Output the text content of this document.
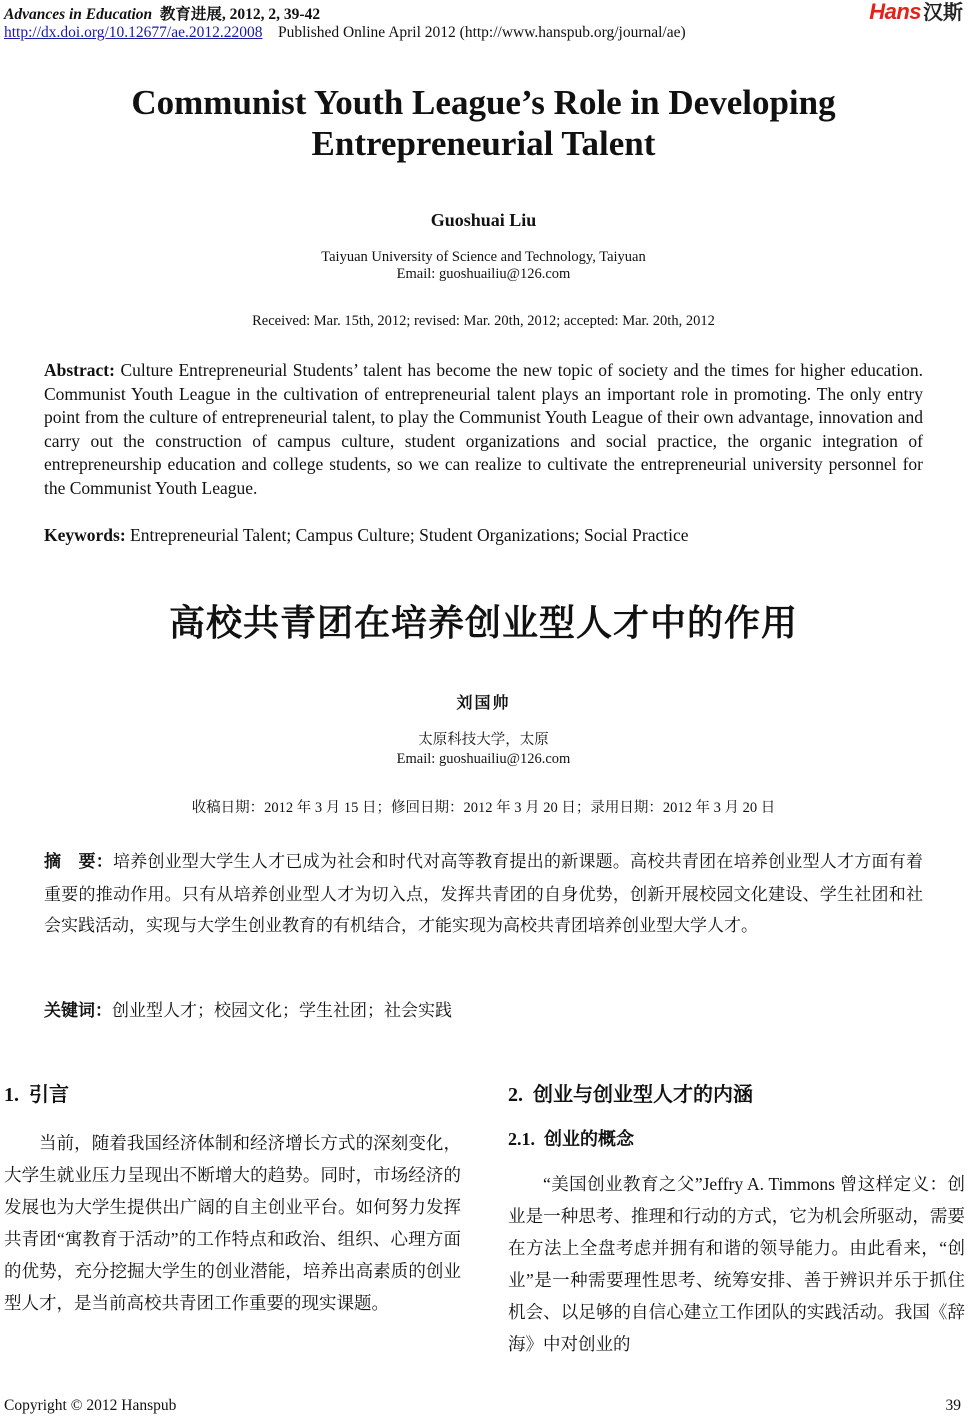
Advances in Education 教育进展, 2012, 2, 39-42
http://dx.doi.org/10.12677/ae.2012.22008 Published Online April 2012 (http://www.hanspub.org/journal/ae)
Hans 汉斯
Communist Youth League’s Role in Developing
Entrepreneurial Talent
Guoshuai Liu
Taiyuan University of Science and Technology, Taiyuan
Email: guoshuailiu@126.com
Received: Mar. 15th, 2012; revised: Mar. 20th, 2012; accepted: Mar. 20th, 2012
Abstract: Culture Entrepreneurial Students’ talent has become the new topic of society and the times for higher education. Communist Youth League in the cultivation of entrepreneurial talent plays an important role in promoting. The only entry point from the culture of entrepreneurial talent, to play the Communist Youth League of their own advantage, innovation and carry out the construction of campus culture, student organizations and social practice, the organic integration of entrepreneurship education and college students, so we can realize to cultivate the entrepreneurial university personnel for the Communist Youth League.
Keywords: Entrepreneurial Talent; Campus Culture; Student Organizations; Social Practice
高校共青团在培养创业型人才中的作用
刘国帅
太原科技大学，太原
Email: guoshuailiu@126.com
收稿日期：2012 年 3 月 15 日；修回日期：2012 年 3 月 20 日；录用日期：2012 年 3 月 20 日
摘　要：培养创业型大学生人才已成为社会和时代对高等教育提出的新课题。高校共青团在培养创业型人才方面有着重要的推动作用。只有从培养创业型人才为切入点，发挥共青团的自身优势，创新开展校园文化建设、学生社团和社会实践活动，实现与大学生创业教育的有机结合，才能实现为高校共青团培养创业型大学人才。
关键词：创业型人才；校园文化；学生社团；社会实践
1. 引言

当前，随着我国经济体制和经济增长方式的深刻变化，大学生就业压力呈现出不断增大的趋势。同时，市场经济的发展也为大学生提供出广阔的自主创业平台。如何努力发挥共青团“寓教育于活动”的工作特点和政治、组织、心理方面的优势，充分挖掘大学生的创业潜能，培养出高素质的创业型人才，是当前高校共青团工作重要的现实课题。

2. 创业与创业型人才的内涵
2.1. 创业的概念

“美国创业教育之父”Jeffry A. Timmons 曾这样定义：创业是一种思考、推理和行动的方式，它为机会所驱动，需要在方法上全盘考虑并拥有和谐的领导能力。由此看来，“创业”是一种需要理性思考、统筹安排、善于辨识并乐于抓住机会、以足够的自信心建立工作团队的实践活动。我国《辞海》中对创业的

Copyright © 2012 Hanspub	39
